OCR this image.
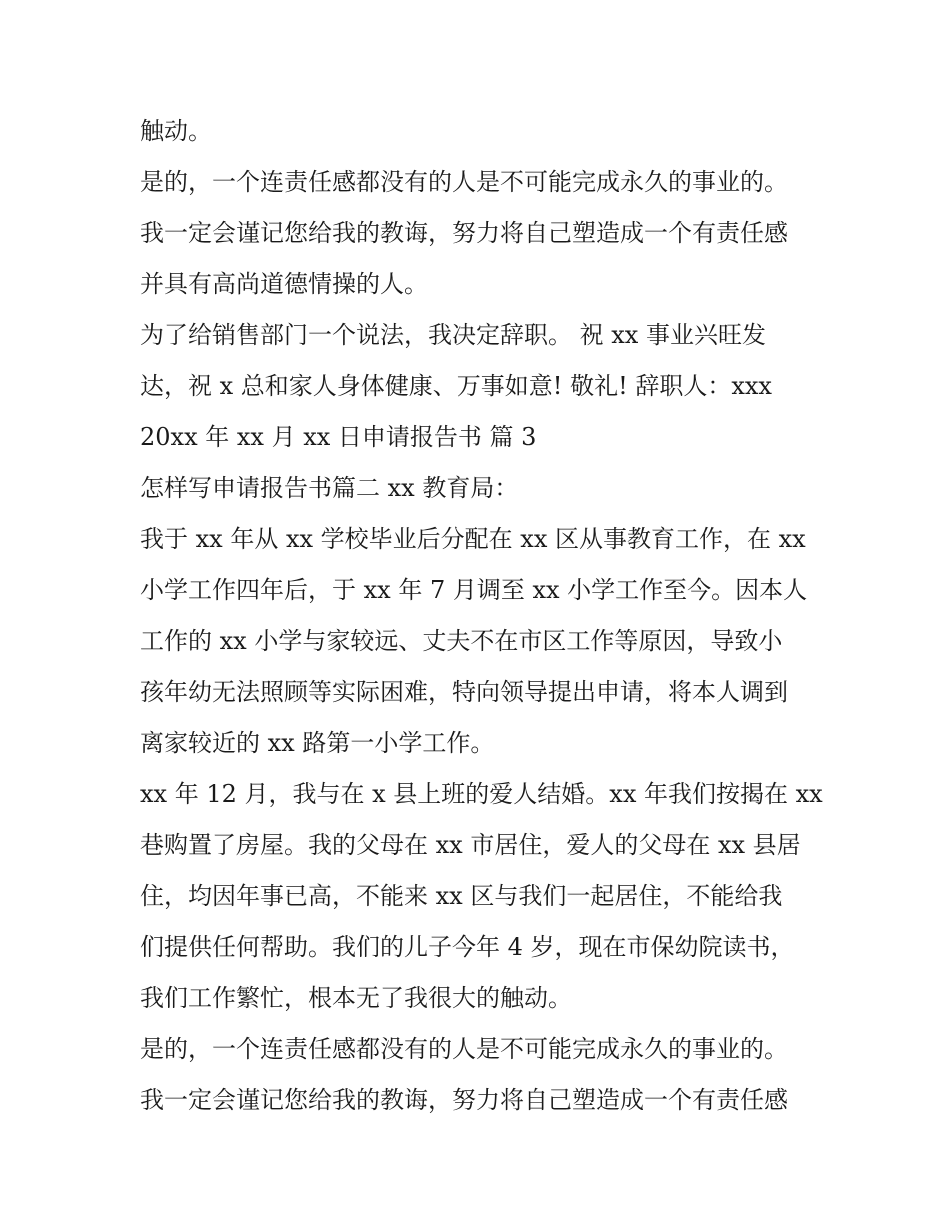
触动。
是的，一个连责任感都没有的人是不可能完成永久的事业的。
我一定会谨记您给我的教诲，努力将自己塑造成一个有责任感
并具有高尚道德情操的人。
为了给销售部门一个说法，我决定辞职。 祝 xx 事业兴旺发
达，祝 x 总和家人身体健康、万事如意! 敬礼! 辞职人：xxx
20xx 年 xx 月 xx 日申请报告书 篇 3
怎样写申请报告书篇二 xx 教育局：
我于 xx 年从 xx 学校毕业后分配在 xx 区从事教育工作，在 xx
小学工作四年后，于 xx 年 7 月调至 xx 小学工作至今。因本人
工作的 xx 小学与家较远、丈夫不在市区工作等原因，导致小
孩年幼无法照顾等实际困难，特向领导提出申请，将本人调到
离家较近的 xx 路第一小学工作。
xx 年 12 月，我与在 x 县上班的爱人结婚。xx 年我们按揭在 xx
巷购置了房屋。我的父母在 xx 市居住，爱人的父母在 xx 县居
住，均因年事已高，不能来 xx 区与我们一起居住，不能给我
们提供任何帮助。我们的儿子今年 4 岁，现在市保幼院读书，
我们工作繁忙，根本无了我很大的触动。
是的，一个连责任感都没有的人是不可能完成永久的事业的。
我一定会谨记您给我的教诲，努力将自己塑造成一个有责任感
